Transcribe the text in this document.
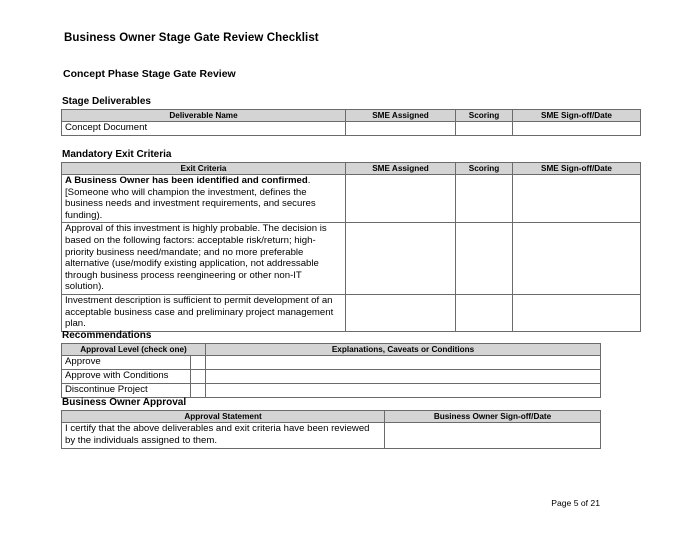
Business Owner Stage Gate Review Checklist
Concept Phase Stage Gate Review
Stage Deliverables
Deliverable Name	SME Assigned	Scoring	SME Sign-off/Date
Concept Document			
Mandatory Exit Criteria
Exit Criteria	SME Assigned	Scoring	SME Sign-off/Date

A Business Owner has been identified and confirmed. [Someone who will champion the investment, defines the business needs and investment requirements, and secures funding).			

Approval of this investment is highly probable. The decision is based on the following factors: acceptable risk/return; high-priority business need/mandate; and no more preferable alternative (use/modify existing application, not addressable through business process reengineering or other non-IT solution).			
Investment description is sufficient to permit development of an acceptable business case and preliminary project management plan.			
Recommendations
Approval Level (check one)		Explanations, Caveats or Conditions
Approve		
Approve with Conditions		
Discontinue Project		
Business Owner Approval
Approval Statement	Business Owner Sign-off/Date
I certify that the above deliverables and exit criteria have been reviewed by the individuals assigned to them.	
Page 5 of 21
